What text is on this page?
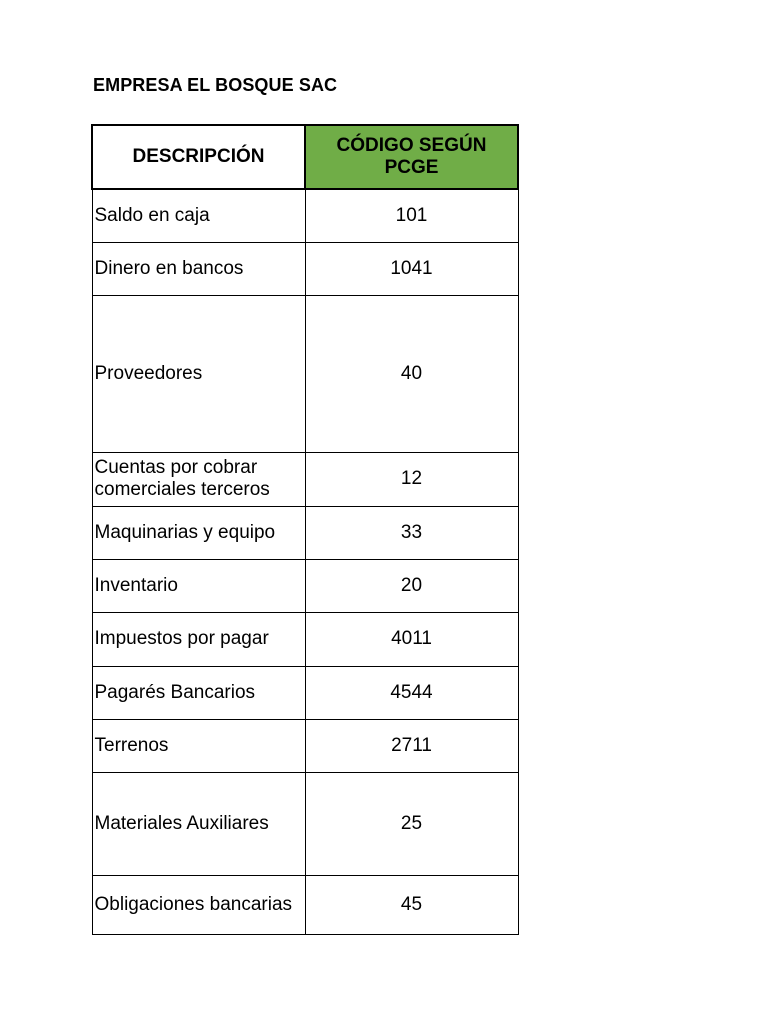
EMPRESA EL BOSQUE SAC
DESCRIPCIÓN	CÓDIGO SEGÚN
PCGE
Saldo en caja	101
Dinero en bancos	1041
Proveedores	40
Cuentas por cobrar
comerciales terceros	12
Maquinarias y equipo	33
Inventario	20
Impuestos por pagar	4011
Pagarés Bancarios	4544
Terrenos	2711
Materiales Auxiliares	25
Obligaciones bancarias	45
